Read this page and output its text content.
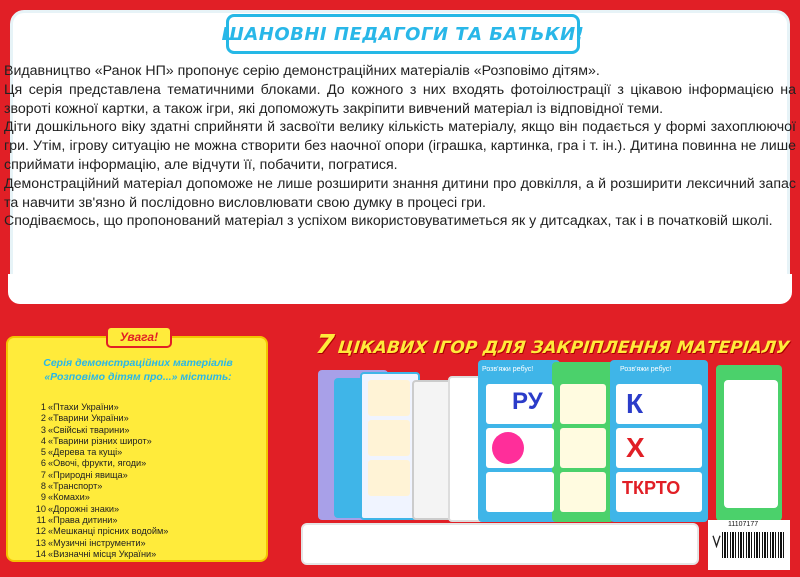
ШАНОВНІ ПЕДАГОГИ ТА БАТЬКИ!

Видавництво «Ранок НП» пропонує серію демонстраційних матеріалів «Розповімо дітям».

Ця серія представлена тематичними блоками. До кожного з них входять фотоілюстрації з цікавою інформацією на звороті кожної картки, а також ігри, які допоможуть закріпити вивчений матеріал із відповідної теми.

Діти дошкільного віку здатні сприйняти й засвоїти велику кількість матеріалу, якщо він подається у формі захоплюючої гри. Утім, ігрову ситуацію не можна створити без наочної опори (іграшка, картинка, гра і т. ін.). Дитина повинна не лише сприймати інформацію, але відчути її, побачити, погратися.

Демонстраційний матеріал допоможе не лише розширити знання дитини про довкілля, а й розширити лексичний запас та навчити зв'язно й послідовно висловлювати свою думку в процесі гри.

Сподіваємось, що пропонований матеріал з успіхом використовуватиметься як у дитсадках, так і в початковій школі.

Увага!
Серія демонстраційних матеріалів
«Розповімо дітям про...» містить:
1 «Птахи України»
2 «Тварини України»
3 «Свійські тварини»
4 «Тварини різних широт»
5 «Дерева та кущі»
6 «Овочі, фрукти, ягоди»
7 «Природні явища»
8 «Транспорт»
9 «Комахи»
10 «Дорожні знаки»
11 «Права дитини»
12 «Мешканці прісних водойм»
13 «Музичні інструменти»
14 «Визначні місця України»
7ЦІКАВИХ ІГОР ДЛЯ ЗАКРІПЛЕННЯ МАТЕРІАЛУ
РУ
Розв'яжи ребус!	Розв'яжи ребус!
К
Х
ТКРТО
11107177
